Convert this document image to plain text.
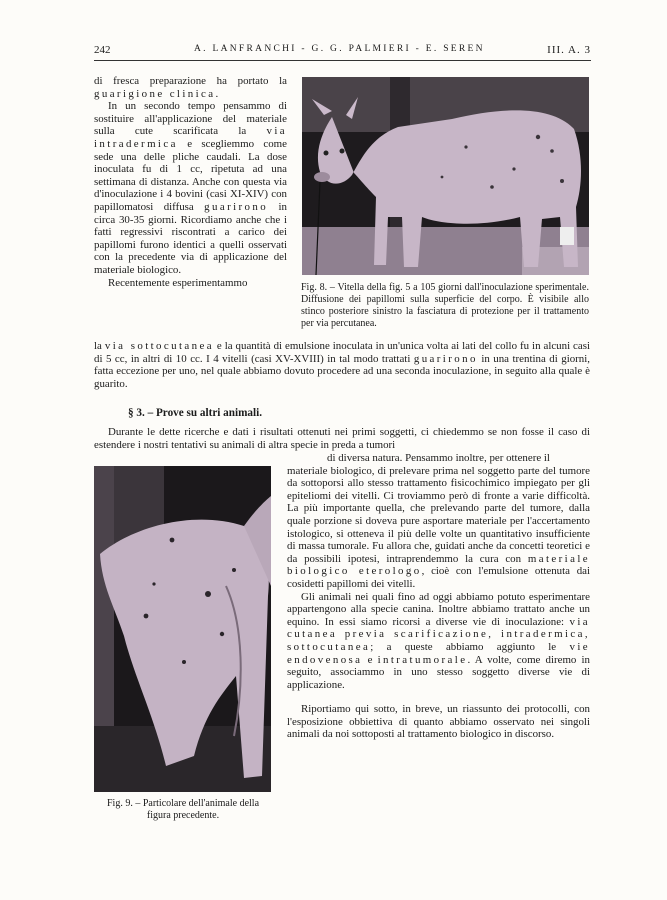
242	A. LANFRANCHI - G. G. PALMIERI - E. SEREN	III. A. 3

di fresca preparazione ha portato la guarigione clinica.

In un secondo tempo pensammo di sostituire all'applicazione del materiale sulla cute scarificata la via intradermica e scegliemmo come sede una delle pliche caudali. La dose inoculata fu di 1 cc, ripetuta ad una settimana di distanza. Anche con questa via d'inoculazione i 4 bovini (casi XI-XIV) con papillomatosi diffusa guarirono in circa 30-35 giorni. Ricordiamo anche che i fatti regressivi riscontrati a carico dei papillomi furono identici a quelli osservati con la precedente via di applicazione del materiale biologico.

Recentemente esperimentammo	Fig. 8. – Vitella della fig. 5 a 105 giorni dall'inoculazione sperimentale. Diffusione dei papillomi sulla superficie del corpo. È visibile allo stinco posteriore sinistro la fasciatura di protezione per il trattamento per via percutanea.
la via sottocutanea e la quantità di emulsione inoculata in un'unica volta ai lati del collo fu in alcuni casi di 5 cc, in altri di 10 cc. I 4 vitelli (casi XV-XVIII) in tal modo trattati guarirono in una trentina di giorni, fatta eccezione per uno, nel quale abbiamo dovuto procedere ad una seconda inoculazione, in seguito alla quale è guarito.
§ 3. – Prove su altri animali.
Durante le dette ricerche e dati i risultati ottenuti nei primi soggetti, ci chiedemmo se non fosse il caso di estendere i nostri tentativi su animali di altra specie in preda a tumori
Fig. 9. – Particolare dell'animale della figura precedente.

di diversa natura. Pensammo inoltre, per ottenere il

materiale biologico, di prelevare prima nel soggetto parte del tumore da sottoporsi allo stesso trattamento fisicochimico impiegato per gli epiteliomi dei vitelli. Ci troviammo però di fronte a varie difficoltà. La più importante quella, che prelevando parte del tumore, dalla quale porzione si doveva pure asportare materiale per l'accertamento istologico, si otteneva il più delle volte un quantitativo insufficiente di massa tumorale. Fu allora che, guidati anche da concetti teoretici e da possibili ipotesi, intraprendemmo la cura con materiale biologico eterologo, cioè con l'emulsione ottenuta dai cosidetti papillomi dei vitelli.

Gli animali nei quali fino ad oggi abbiamo potuto esperimentare appartengono alla specie canina. Inoltre abbiamo trattato anche un equino. In essi siamo ricorsi a diverse vie di inoculazione: via cutanea previa scarificazione, intradermica, sottocutanea; a queste abbiamo aggiunto le vie endovenosa e intratumorale. A volte, come diremo in seguito, associammo in uno stesso soggetto diverse vie di applicazione.

Riportiamo qui sotto, in breve, un riassunto dei protocolli, con l'esposizione obbiettiva di quanto abbiamo osservato nei singoli animali da noi sottoposti al trattamento biologico in discorso.
